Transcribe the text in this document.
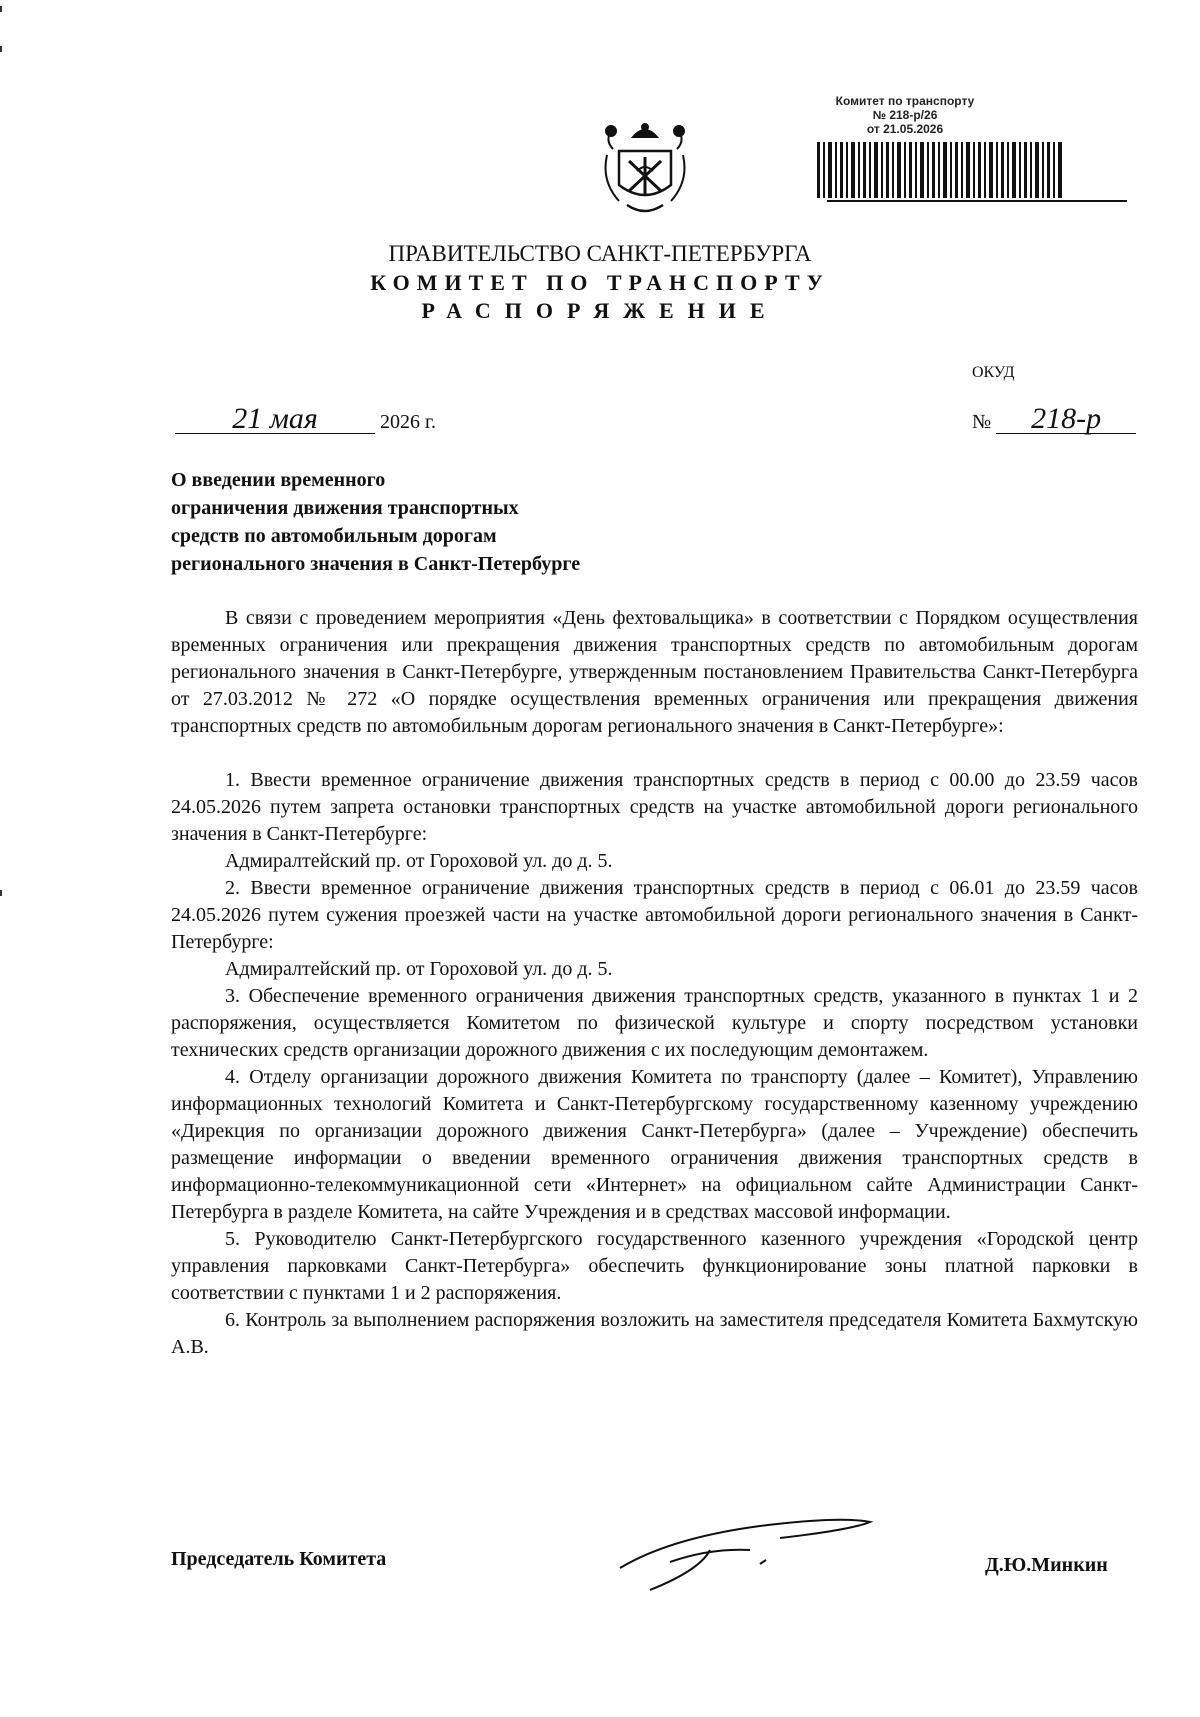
Комитет по транспорту
№ 218-р/26
от 21.05.2026
ПРАВИТЕЛЬСТВО САНКТ-ПЕТЕРБУРГА
КОМИТЕТ ПО ТРАНСПОРТУ
РАСПОРЯЖЕНИЕ
ОКУД
21 мая	2026 г.	№ 218-р
О введении временного
ограничения движения транспортных
средств по автомобильным дорогам
регионального значения в Санкт-Петербурге

В связи с проведением мероприятия «День фехтовальщика» в соответствии с Порядком осуществления временных ограничения или прекращения движения транспортных средств по автомобильным дорогам регионального значения в Санкт-Петербурге, утвержденным постановлением Правительства Санкт-Петербурга от 27.03.2012 № 272 «О порядке осуществления временных ограничения или прекращения движения транспортных средств по автомобильным дорогам регионального значения в Санкт-Петербурге»:

1. Ввести временное ограничение движения транспортных средств в период с 00.00 до 23.59 часов 24.05.2026 путем запрета остановки транспортных средств на участке автомобильной дороги регионального значения в Санкт-Петербурге:

Адмиралтейский пр. от Гороховой ул. до д. 5.

2. Ввести временное ограничение движения транспортных средств в период с 06.01 до 23.59 часов 24.05.2026 путем сужения проезжей части на участке автомобильной дороги регионального значения в Санкт-Петербурге:

Адмиралтейский пр. от Гороховой ул. до д. 5.

3. Обеспечение временного ограничения движения транспортных средств, указанного в пунктах 1 и 2 распоряжения, осуществляется Комитетом по физической культуре и спорту посредством установки технических средств организации дорожного движения с их последующим демонтажем.

4. Отделу организации дорожного движения Комитета по транспорту (далее – Комитет), Управлению информационных технологий Комитета и Санкт-Петербургскому государственному казенному учреждению «Дирекция по организации дорожного движения Санкт-Петербурга» (далее – Учреждение) обеспечить размещение информации о введении временного ограничения движения транспортных средств в информационно-телекоммуникационной сети «Интернет» на официальном сайте Администрации Санкт-Петербурга в разделе Комитета, на сайте Учреждения и в средствах массовой информации.

5. Руководителю Санкт-Петербургского государственного казенного учреждения «Городской центр управления парковками Санкт-Петербурга» обеспечить функционирование зоны платной парковки в соответствии с пунктами 1 и 2 распоряжения.

6. Контроль за выполнением распоряжения возложить на заместителя председателя Комитета Бахмутскую А.В.

Председатель Комитета	Д.Ю.Минкин
